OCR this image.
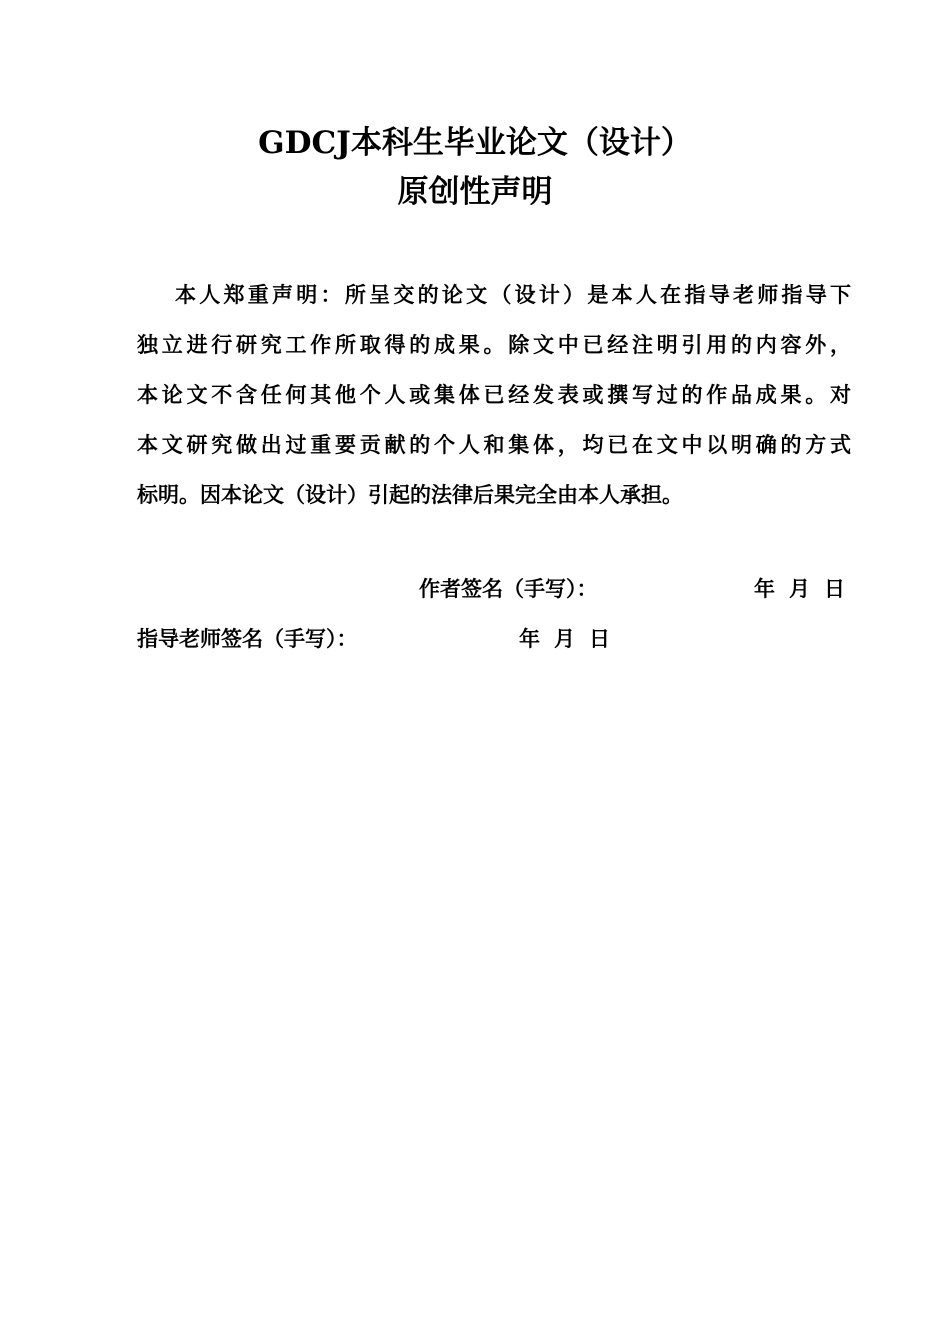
GDCJ本科生毕业论文（设计）
原创性声明
本人郑重声明：所呈交的论文（设计）是本人在指导老师指导下
独立进行研究工作所取得的成果。除文中已经注明引用的内容外，
本论文不含任何其他个人或集体已经发表或撰写过的作品成果。对
本文研究做出过重要贡献的个人和集体，均已在文中以明确的方式
标明。因本论文（设计）引起的法律后果完全由本人承担。
作者签名（手写）：	年 月 日
指导老师签名（手写）：	年 月 日
